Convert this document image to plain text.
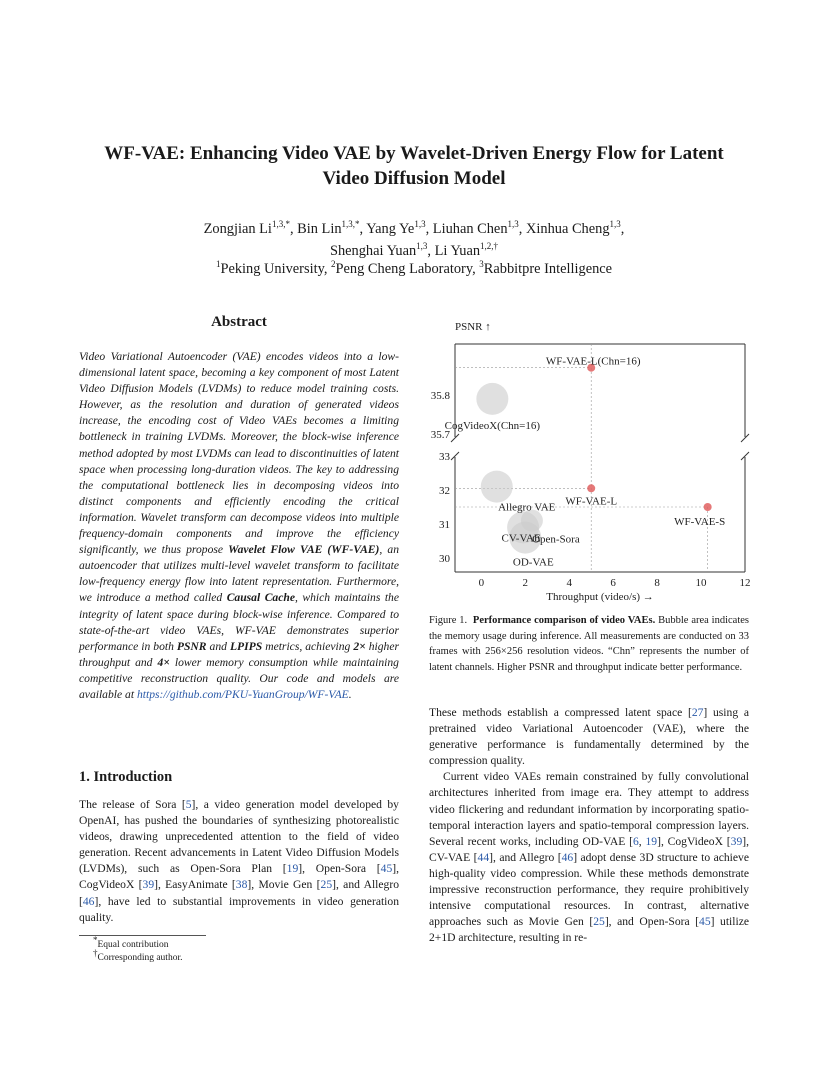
WF-VAE: Enhancing Video VAE by Wavelet-Driven Energy Flow for Latent
Video Diffusion Model
Zongjian $Li^{1,3,*}$, Bin Lin$^{1,3,*}$, Yang Ye$^{1,3}$, Liuhan Chen$^{1,3}$, Xinhua Cheng$^{1,3}$,
Shenghai Yuan$^{1,3}$, Li Yuan$^{1,2,\dagger}$
$^1$Peking University, $^2$Peng Cheng Laboratory, $^3$Rabbitpre Intelligence
Abstract
Video Variational Autoencoder (VAE) encodes videos into a low-dimensional latent space, becoming a key component of most Latent Video Diffusion Models (LVDMs) to reduce model training costs. However, as the resolution and duration of generated videos increase, the encoding cost of Video VAEs becomes a limiting bottleneck in training LVDMs. Moreover, the block-wise inference method adopted by most LVDMs can lead to discontinuities of latent space when processing long-duration videos. The key to addressing the computational bottleneck lies in decomposing videos into distinct components and efficiently encoding the critical information. Wavelet transform can decompose videos into multiple frequency-domain components and improve the efficiency significantly, we thus propose Wavelet Flow VAE (WF-VAE), an autoencoder that utilizes multi-level wavelet transform to facilitate low-frequency energy flow into latent representation. Furthermore, we introduce a method called Causal Cache, which maintains the integrity of latent space during block-wise inference. Compared to state-of-the-art video VAEs, WF-VAE demonstrates superior performance in both PSNR and LPIPS metrics, achieving 2× higher throughput and 4× lower memory consumption while maintaining competitive reconstruction quality. Our code and models are available at https://github.com/PKU-YuanGroup/WF-VAE.
1. Introduction
The release of Sora [5], a video generation model developed by OpenAI, has pushed the boundaries of synthesizing photorealistic videos, drawing unprecedented attention to the field of video generation. Recent advancements in Latent Video Diffusion Models (LVDMs), such as Open-Sora Plan [19], Open-Sora [45], CogVideoX [39], EasyAnimate [38], Movie Gen [25], and Allegro [46], have led to substantial improvements in video generation quality.
*Equal contribution
†Corresponding author.
PSNR ↑
Throughput (video/s) →
0	2	4	6	8	10	12
30
31
32
33
35.7
35.8
WF-VAE-L(Chn=16)
CogVideoX(Chn=16)
WF-VAE-L
Allegro VAE
Open-Sora
CV-VAE
OD-VAE
WF-VAE-S
Figure 1. Performance comparison of video VAEs. Bubble area indicates the memory usage during inference. All measurements are conducted on 33 frames with 256×256 resolution videos. “Chn” represents the number of latent channels. Higher PSNR and throughput indicate better performance.

These methods establish a compressed latent space [27] using a pretrained video Variational Autoencoder (VAE), where the generative performance is fundamentally determined by the compression quality.

Current video VAEs remain constrained by fully convolutional architectures inherited from image era. They attempt to address video flickering and redundant information by incorporating spatio-temporal interaction layers and spatio-temporal compression layers. Several recent works, including OD-VAE [6, 19], CogVideoX [39], CV-VAE [44], and Allegro [46] adopt dense 3D structure to achieve high-quality video compression. While these methods demonstrate impressive reconstruction performance, they require prohibitively intensive computational resources. In contrast, alternative approaches such as Movie Gen [25], and Open-Sora [45] utilize 2+1D architecture, resulting in re-
